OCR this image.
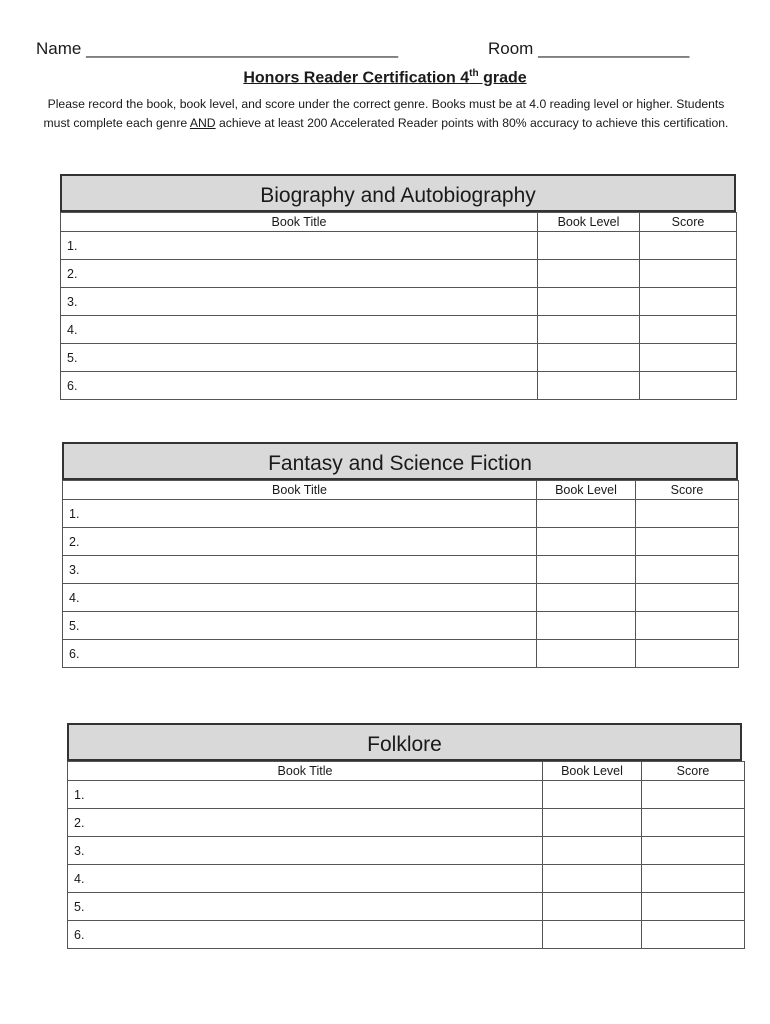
Name _________________________________	Room ________________
Honors Reader Certification 4th grade
Please record the book, book level, and score under the correct genre. Books must be at 4.0 reading level or higher. Students must complete each genre AND achieve at least 200 Accelerated Reader points with 80% accuracy to achieve this certification.
Biography and Autobiography
Book Title	Book Level	Score
1.		
2.		
3.		
4.		
5.		
6.		
Fantasy and Science Fiction
Book Title	Book Level	Score
1.		
2.		
3.		
4.		
5.		
6.		
Folklore
Book Title	Book Level	Score
1.		
2.		
3.		
4.		
5.		
6.		
